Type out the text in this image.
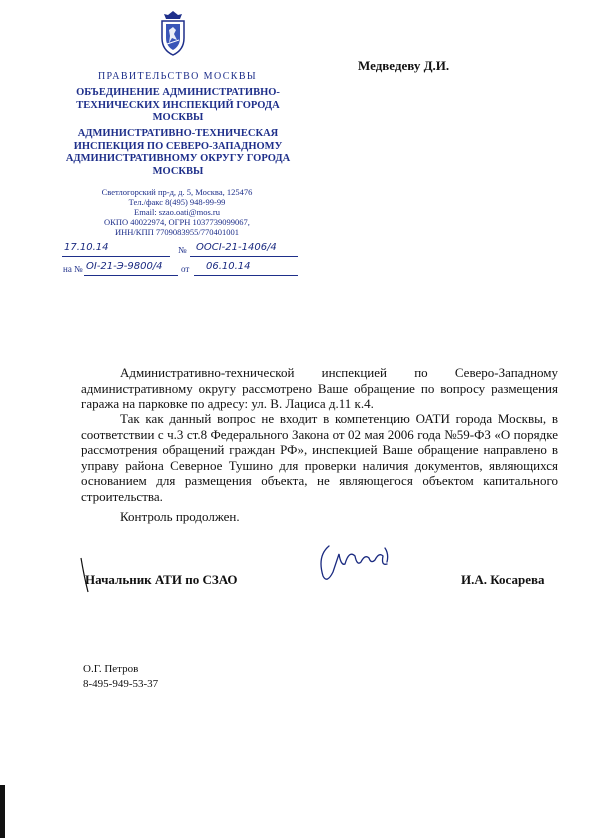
ПРАВИТЕЛЬСТВО МОСКВЫ
ОБЪЕДИНЕНИЕ АДМИНИСТРАТИВНО-ТЕХНИЧЕСКИХ ИНСПЕКЦИЙ ГОРОДА МОСКВЫ
АДМИНИСТРАТИВНО-ТЕХНИЧЕСКАЯ ИНСПЕКЦИЯ ПО СЕВЕРО-ЗАПАДНОМУ АДМИНИСТРАТИВНОМУ ОКРУГУ ГОРОДА МОСКВЫ
Светлогорский пр-д, д. 5, Москва, 125476
Тел./факс 8(495) 948-99-99
Email: szao.oati@mos.ru
ОКПО 40022974, ОГРН 1037739099067,
ИНН/КПП 7709083955/770401001
17.10.14	№ ООСI-21-1406/4
на № ОI-21-Э-9800/4 от 06.10.14
Медведеву Д.И.
Административно-технической инспекцией по Северо-Западному административному округу рассмотрено Ваше обращение по вопросу размещения гаража на парковке по адресу: ул. В. Лациса д.11 к.4.
Так как данный вопрос не входит в компетенцию ОАТИ города Москвы, в соответствии с ч.3 ст.8 Федерального Закона от 02 мая 2006 года №59-ФЗ «О порядке рассмотрения обращений граждан РФ», инспекцией Ваше обращение направлено в управу района Северное Тушино для проверки наличия документов, являющихся основанием для размещения объекта, не являющегося объектом капитального строительства.
Контроль продолжен.
Начальник АТИ по СЗАО	И.А. Косарева
О.Г. Петров
8-495-949-53-37
